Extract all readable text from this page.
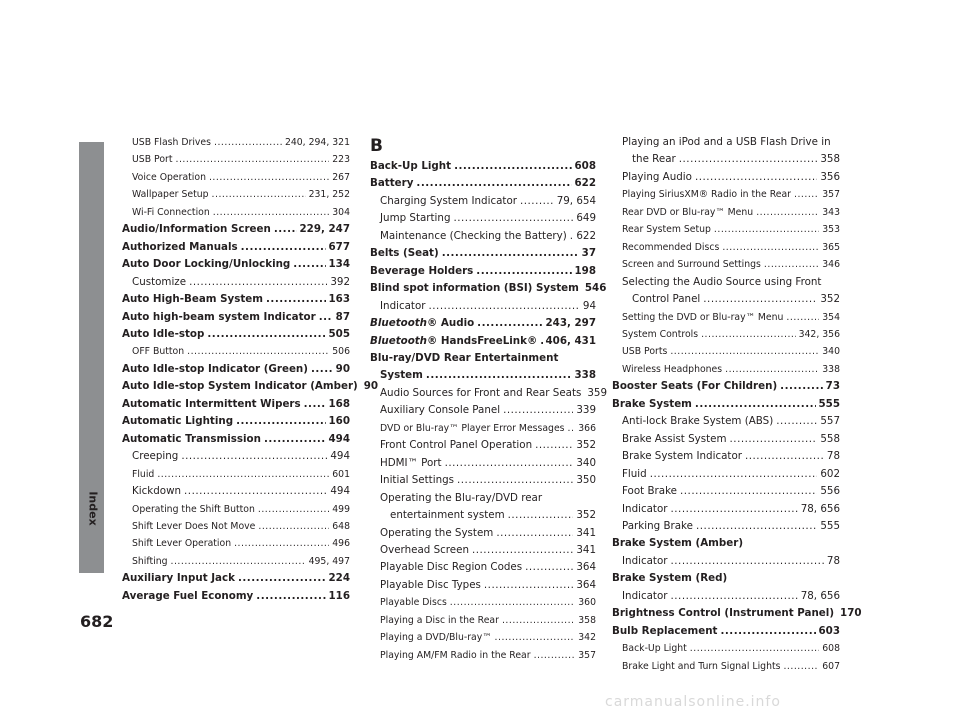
Index
USB Flash Drives .....	240, 294, 321
USB Port .....	223
Voice Operation .....	267
Wallpaper Setup .....	231, 252
Wi-Fi Connection .....	304
Audio/Information Screen .....	229, 247
Authorized Manuals .....	677
Auto Door Locking/Unlocking .....	134
Customize .....	392
Auto High-Beam System .....	163
Auto high-beam system Indicator ..... 87
Auto Idle-stop .....	505
OFF Button .....	506
Auto Idle-stop Indicator (Green) .....	90
Auto Idle-stop System Indicator (Amber) 90
Automatic Intermittent Wipers .....	168
Automatic Lighting .....	160
Automatic Transmission .....	494
Creeping .....	494
Fluid .....	601
Kickdown .....	494
Operating the Shift Button .....	499
Shift Lever Does Not Move .....	648
Shift Lever Operation .....	496
Shifting .....	495, 497
Auxiliary Input Jack .....	224
Average Fuel Economy .....	116
B
Back-Up Light .....	608
Battery .....	622
Charging System Indicator .....	79, 654
Jump Starting .....	649
Maintenance (Checking the Battery) ..... 622
Belts (Seat) .....	37
Beverage Holders .....	198
Blind spot information (BSI) System 546
Indicator .....	94
Bluetooth® Audio .....	243, 297
Bluetooth® HandsFreeLink® ..... 406, 431
Blu-ray/DVD Rear Entertainment
System .....	338
Audio Sources for Front and Rear Seats 359
Auxiliary Console Panel .....	339
DVD or Blu-ray™ Player Error Messages ..... 366
Front Control Panel Operation .....	352
HDMI™ Port .....	340
Initial Settings .....	350
Operating the Blu-ray/DVD rear
entertainment system .....	352
Operating the System .....	341
Overhead Screen .....	341
Playable Disc Region Codes .....	364
Playable Disc Types .....	364
Playable Discs .....	360
Playing a Disc in the Rear .....	358
Playing a DVD/Blu-ray™ .....	342
Playing AM/FM Radio in the Rear .....	357
Playing an iPod and a USB Flash Drive in
the Rear .....	358
Playing Audio .....	356
Playing SiriusXM® Radio in the Rear .....	357
Rear DVD or Blu-ray™ Menu .....	343
Rear System Setup .....	353
Recommended Discs .....	365
Screen and Surround Settings .....	346
Selecting the Audio Source using Front
Control Panel .....	352
Setting the DVD or Blu-ray™ Menu .....	354
System Controls .....	342, 356
USB Ports .....	340
Wireless Headphones .....	338
Booster Seats (For Children) .....	73
Brake System .....	555
Anti-lock Brake System (ABS) .....	557
Brake Assist System .....	558
Brake System Indicator .....	78
Fluid .....	602
Foot Brake .....	556
Indicator .....	78, 656
Parking Brake .....	555
Brake System (Amber)
Indicator .....	78
Brake System (Red)
Indicator .....	78, 656
Brightness Control (Instrument Panel) 170
Bulb Replacement .....	603
Back-Up Light .....	608
Brake Light and Turn Signal Lights .....	607
682
carmanualsonline.info
